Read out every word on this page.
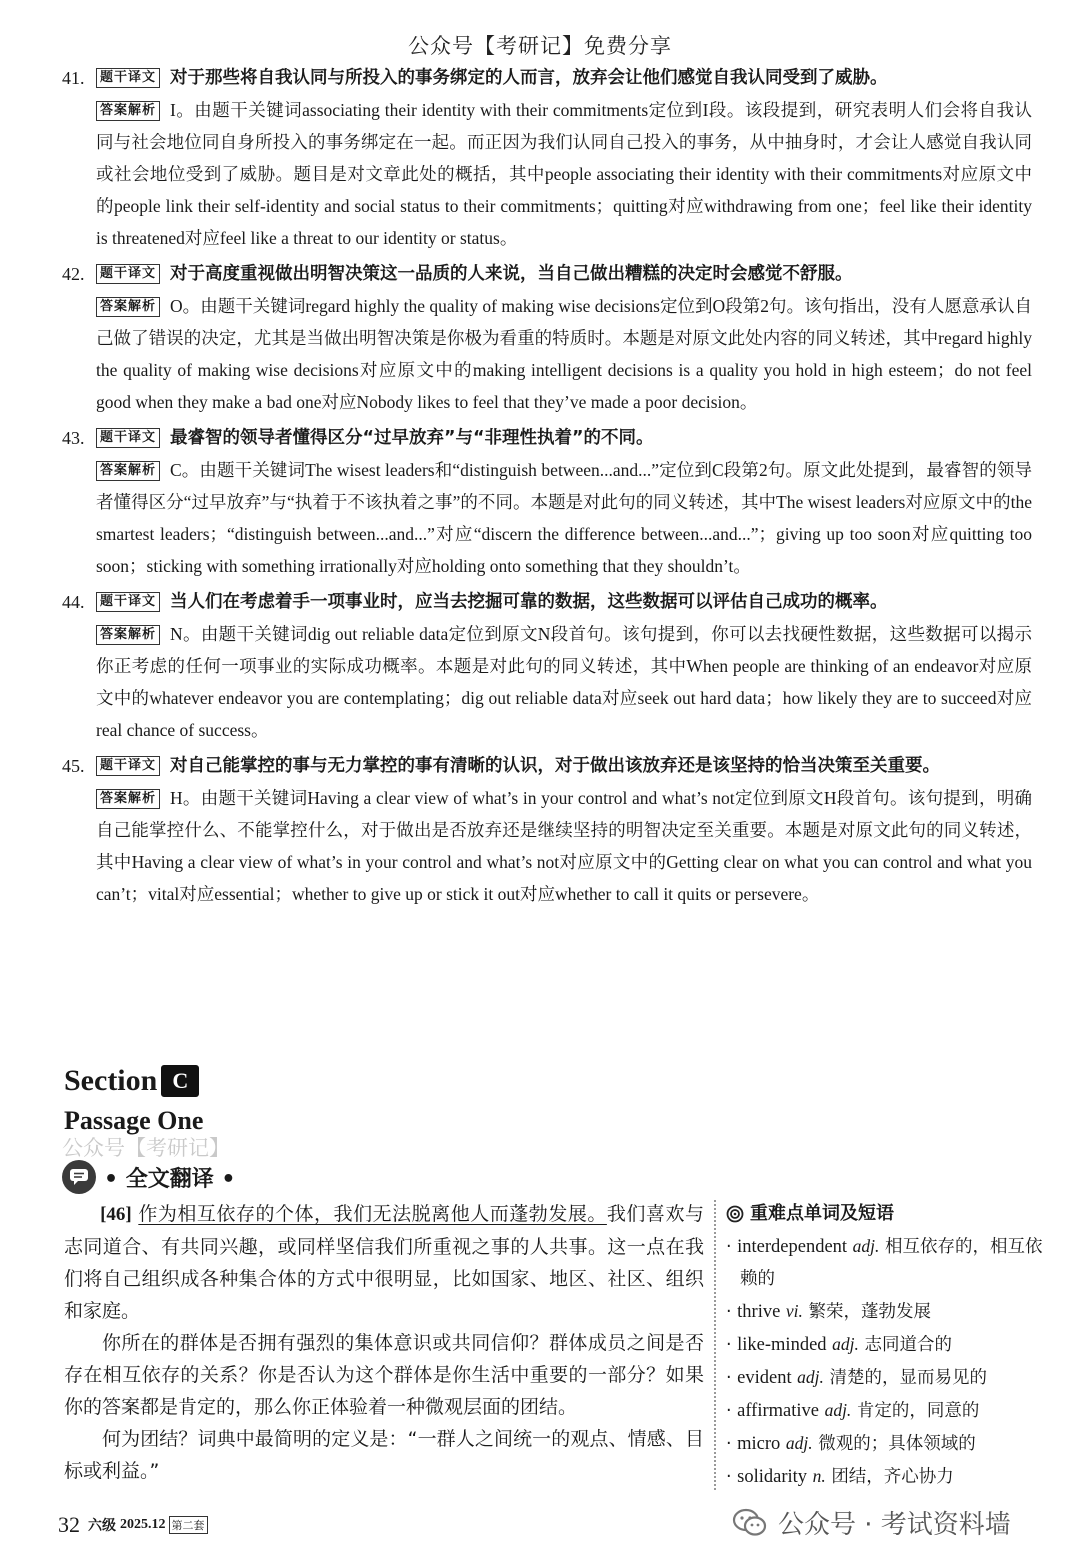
公众号【考研记】免费分享
41.	题干译文 对于那些将自我认同与所投入的事务绑定的人而言，放弃会让他们感觉自我认同受到了威胁。
答案解析 I。由题干关键词associating their identity with their commitments定位到I段。该段提到，研究表明人们会将自我认同与社会地位同自身所投入的事务绑定在一起。而正因为我们认同自己投入的事务，从中抽身时，才会让人感觉自我认同或社会地位受到了威胁。题目是对文章此处的概括，其中people associating their identity with their commitments对应原文中的people link their self-identity and social status to their commitments；quitting对应withdrawing from one；feel like their identity is threatened对应feel like a threat to our identity or status。
42.	题干译文 对于高度重视做出明智决策这一品质的人来说，当自己做出糟糕的决定时会感觉不舒服。
答案解析 O。由题干关键词regard highly the quality of making wise decisions定位到O段第2句。该句指出，没有人愿意承认自己做了错误的决定，尤其是当做出明智决策是你极为看重的特质时。本题是对原文此处内容的同义转述，其中regard highly the quality of making wise decisions对应原文中的making intelligent decisions is a quality you hold in high esteem；do not feel good when they make a bad one对应Nobody likes to feel that they’ve made a poor decision。
43.	题干译文 最睿智的领导者懂得区分“过早放弃”与“非理性执着”的不同。
答案解析 C。由题干关键词The wisest leaders和“distinguish between...and...”定位到C段第2句。原文此处提到，最睿智的领导者懂得区分“过早放弃”与“执着于不该执着之事”的不同。本题是对此句的同义转述，其中The wisest leaders对应原文中的the smartest leaders；“distinguish between...and...”对应“discern the difference between...and...”；giving up too soon对应quitting too soon；sticking with something irrationally对应holding onto something that they shouldn’t。
44.	题干译文 当人们在考虑着手一项事业时，应当去挖掘可靠的数据，这些数据可以评估自己成功的概率。
答案解析 N。由题干关键词dig out reliable data定位到原文N段首句。该句提到，你可以去找硬性数据，这些数据可以揭示你正考虑的任何一项事业的实际成功概率。本题是对此句的同义转述，其中When people are thinking of an endeavor对应原文中的whatever endeavor you are contemplating；dig out reliable data对应seek out hard data；how likely they are to succeed对应real chance of success。
45.	题干译文 对自己能掌控的事与无力掌控的事有清晰的认识，对于做出该放弃还是该坚持的恰当决策至关重要。
答案解析 H。由题干关键词Having a clear view of what’s in your control and what’s not定位到原文H段首句。该句提到，明确自己能掌控什么、不能掌控什么，对于做出是否放弃还是继续坚持的明智决定至关重要。本题是对原文此句的同义转述，其中Having a clear view of what’s in your control and what’s not对应原文中的Getting clear on what you can control and what you can’t；vital对应essential；whether to give up or stick it out对应whether to call it quits or persevere。
Section C
Passage One
公众号【考研记】
• 全文翻译 •

[46] 作为相互依存的个体，我们无法脱离他人而蓬勃发展。我们喜欢与志同道合、有共同兴趣，或同样坚信我们所重视之事的人共事。这一点在我们将自己组织成各种集合体的方式中很明显，比如国家、地区、社区、组织和家庭。

你所在的群体是否拥有强烈的集体意识或共同信仰？群体成员之间是否存在相互依存的关系？你是否认为这个群体是你生活中重要的一部分？如果你的答案都是肯定的，那么你正体验着一种微观层面的团结。

何为团结？词典中最简明的定义是：“一群人之间统一的观点、情感、目标或利益。”

重难点单词及短语
· interdependent adj. 相互依存的，相互依赖的
· thrive vi. 繁荣，蓬勃发展
· like-minded adj. 志同道合的
· evident adj. 清楚的，显而易见的
· affirmative adj. 肯定的，同意的
· micro adj. 微观的；具体领域的
· solidarity n. 团结，齐心协力
32 六级 2025.12 第二套	公众号 · 考试资料墙
